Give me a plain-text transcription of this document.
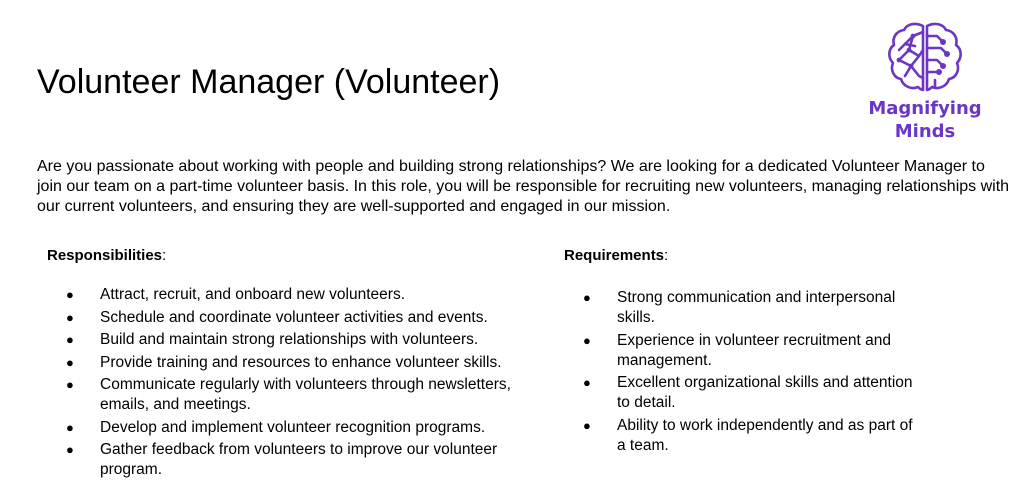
Volunteer Manager (Volunteer)
Magnifying
Minds

Are you passionate about working with people and building strong relationships? We are looking for a dedicated Volunteer Manager to join our team on a part-time volunteer basis. In this role, you will be responsible for recruiting new volunteers, managing relationships with our current volunteers, and ensuring they are well-supported and engaged in our mission.

Responsibilities:

● Attract, recruit, and onboard new volunteers.
● Schedule and coordinate volunteer activities and events.
● Build and maintain strong relationships with volunteers.
● Provide training and resources to enhance volunteer skills.
● Communicate regularly with volunteers through newsletters, emails, and meetings.
● Develop and implement volunteer recognition programs.
● Gather feedback from volunteers to improve our volunteer program.

Requirements:

● Strong communication and interpersonal skills.
● Experience in volunteer recruitment and management.
● Excellent organizational skills and attention to detail.
● Ability to work independently and as part of a team.
